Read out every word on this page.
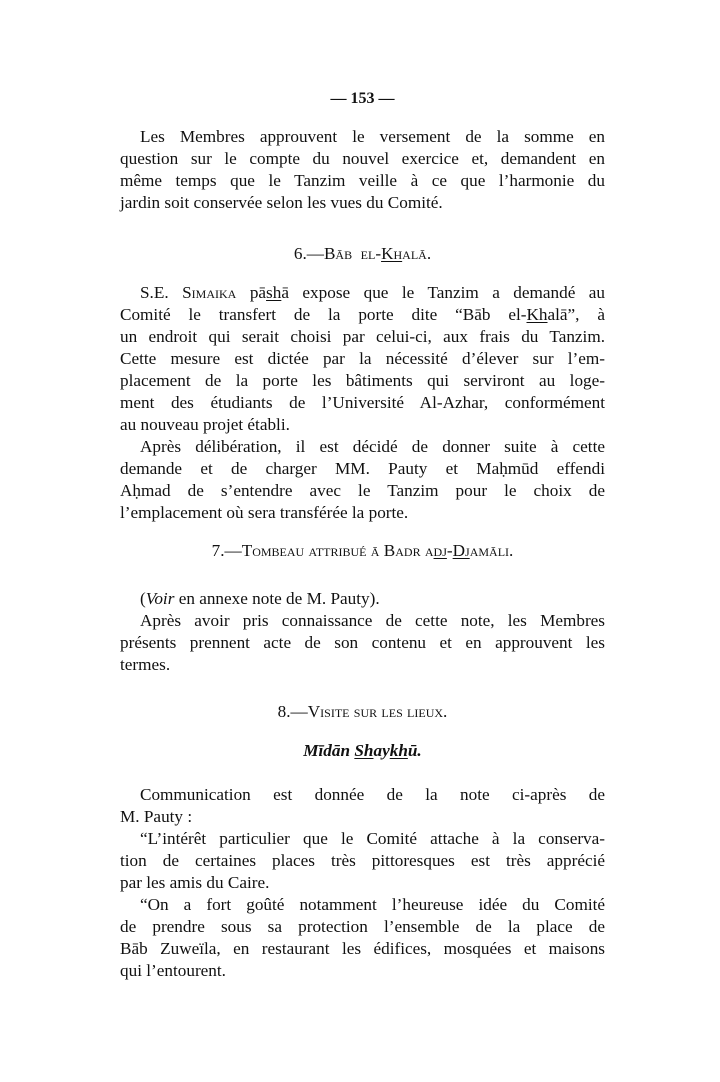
— 153 —
Les Membres approuvent le versement de la somme en
question sur le compte du nouvel exercice et, demandent en
même temps que le Tanzim veille à ce que l’harmonie du
jardin soit conservée selon les vues du Comité.
6.—Bāb el-Khalā.
S.E. Simaika pāshā expose que le Tanzim a demandé au
Comité le transfert de la porte dite “Bāb el-Khalā”, à
un endroit qui serait choisi par celui-ci, aux frais du Tanzim.
Cette mesure est dictée par la nécessité d’élever sur l’em-
placement de la porte les bâtiments qui serviront au loge-
ment des étudiants de l’Université Al-Azhar, conformément
au nouveau projet établi.
Après délibération, il est décidé de donner suite à cette
demande et de charger MM. Pauty et Maḥmūd effendi
Aḥmad de s’entendre avec le Tanzim pour le choix de
l’emplacement où sera transférée la porte.
7.—Tombeau attribué ā Badr adj-Djamāli.
(Voir en annexe note de M. Pauty).
Après avoir pris connaissance de cette note, les Membres
présents prennent acte de son contenu et en approuvent les
termes.
8.—Visite sur les lieux.
Mīdān Shaykhū.
Communication est donnée de la note ci-après de
M. Pauty :
“L’intérêt particulier que le Comité attache à la conserva-
tion de certaines places très pittoresques est très apprécié
par les amis du Caire.
“On a fort goûté notamment l’heureuse idée du Comité
de prendre sous sa protection l’ensemble de la place de
Bāb Zuweïla, en restaurant les édifices, mosquées et maisons
qui l’entourent.
